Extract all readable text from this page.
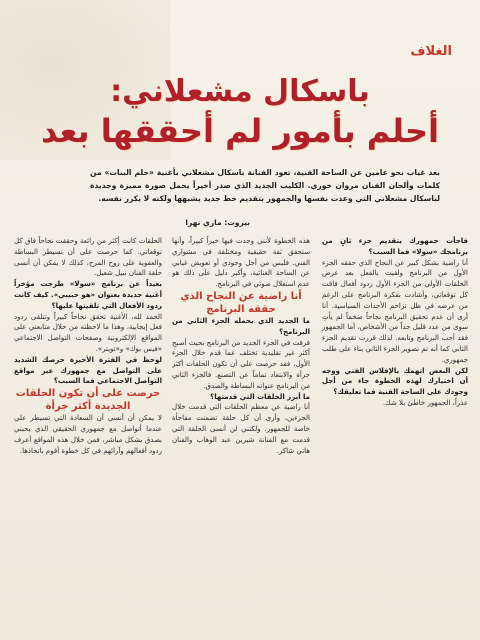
الغلاف
باسكال مشعلاني:
أحلم بأمور لم أحققها بعد
بعد غياب نحو عامين عن الساحة الفنية، تعود الفنانة باسكال مشعلاني بأغنية «حلم البنات» من كلمات وألحان الفنان مروان خوري. الكليب الجديد الذي صدر أخيراً يحمل صورة مميزة وجديدة لباسكال مشعلاني التي وعدت نفسها والجمهور بتقديم خط جديد يشبهها ولكنه لا يكرر نفسه.
بيروت: ماري نهرا

فاجأت جمهورك بتقديم جزء ثانٍ من برنامجك «سولا» فما السبب؟

أنا راضية بشكل كبير عن النجاح الذي حققه الجزء الأول من البرنامج ولقيت بالفعل بعد عرض الحلقات الأولى من الجزء الأول ردود أفعال فاقت كل توقعاتي، وأشادت بفكرة البرنامج على الرغم من عرضه في ظل تزاحم الأحداث السياسية. أنا أرى أن عدم تحقيق البرنامج نجاحاً ضخماً لم يأتِ سوى من عدد قليل جداً من الأشخاص، أما الجمهور فقد أحب البرنامج وتابعه. لذلك قررت تقديم الجزء الثاني كما أنه تم تصوير الجزء الثاني بناء على طلب جمهوري.

لكن البعض اتهمك بالإفلاس الفني ووجه أن اختيارك لهذه الخطوة جاء من أجل وجودك على الساحة الفنية فما تعليقك؟

عذراً، الجمهور خاطئ بلا شك.

هذه الخطوة لأنني وجدت فيها خيراً كبيراً، وأنها ستحقق ثقة حقيقية ومختلفة في مشواري الفني. فليس من أجل وجودي أو تعويض غيابي عن الساحة الغنائية، وأكبر دليل على ذلك هو عدم استغلال صوتي في البرنامج.

أنا راضية عن النجاح الذي حققه البرنامج

ما الجديد الذي يحمله الجزء الثاني من البرنامج؟

فرقت في الجزء الجديد من البرنامج بحيث أصبح أكثر غير تقليدية تختلف عما قدم خلال الجزء الأول، فقد حرصت على أن تكون الحلقات أكثر جرأة والابتعاد تماماً عن التصنع. فالجزء الثاني من البرنامج عنوانه البساطة والصدق.

ما أبرز الحلقات التي قدمتها؟

أنا راضية عن معظم الحلقات التي قدمت خلال الجزءين، وأرى أن كل حلقة تضمنت مفاجأة خاصة للجمهور. ولكنني لن أنسى الحلقة التي قدمت مع الفنانة شيرين عبد الوهاب والفنان هاني شاكر.

الحلقات كانت أكثر من رائعة وحققت نجاحاً فاق كل توقعاتي. كما حرصت على أن تسيطر البساطة والعفوية على روح المرح، كذلك لا يمكن أن أنسى حلقة الفنان نبيل شعيل.

بعيداً عن برنامج «سولا» طرحت مؤخراً أغنية جديدة بعنوان «هو حبيبي». كيف كانت ردود الأفعال التي تلقيتها عليها؟

الحمد لله، الأغنية تحقق نجاحاً كبيراً وتتلقى ردود فعل إيجابية، وهذا ما لاحظته من خلال متابعتي على المواقع الإلكترونية وصفحات التواصل الاجتماعي «فيس بوك» و«تويتر».

لوحظ في الفترة الأخيرة حرصك الشديد على التواصل مع جمهورك عبر مواقع التواصل الاجتماعي فما السبب؟

حرصت على أن تكون الحلقات الجديدة أكثر جرأة

لا يمكن أن أنسى أن السعادة التي تسيطر علي عندما أتواصل مع جمهوري الحقيقي الذي يحبني بصدق بشكل مباشر، فمن خلال هذه المواقع أعرف ردود أفعالهم وآرائهم في كل خطوة أقوم باتخاذها.
